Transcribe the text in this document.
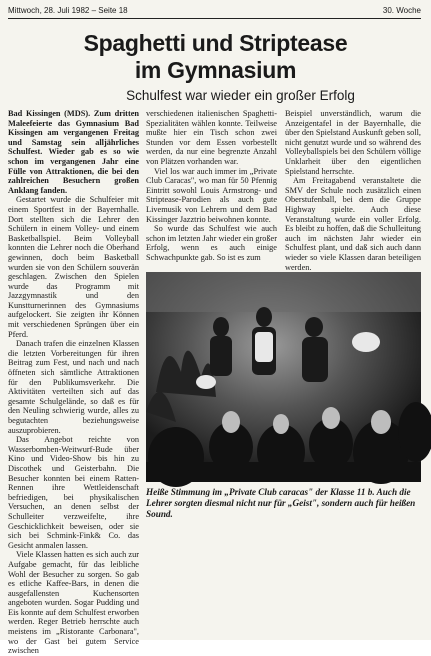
Mittwoch, 28. Juli 1982 – Seite 18	30. Woche
Spaghetti und Striptease
im Gymnasium
Schulfest war wieder ein großer Erfolg

Bad Kissingen (MDS). Zum dritten Maleefeierte das Gymnasium Bad Kissingen am vergangenen Freitag und Samstag sein alljährliches Schulfest. Wieder gab es so wie schon im vergangenen Jahr eine Fülle von Attraktionen, die bei den zahlreichen Besuchern großen Anklang fanden.

Gestartet wurde die Schulfeier mit einem Sportfest in der Bayernhalle. Dort stellten sich die Lehrer den Schülern in einem Volley- und einem Basketballspiel. Beim Volleyball konnten die Lehrer noch die Oberhand gewinnen, doch beim Basketball wurden sie von den Schülern souverän geschlagen. Zwischen den Spielen wurde das Programm mit Jazzgymnastik und den Kunstturnerinnen des Gymnasiums aufgelockert. Sie zeigten ihr Können mit verschiedenen Sprüngen über ein Pferd.

Danach trafen die einzelnen Klassen die letzten Vorbereitungen für ihren Beitrag zum Fest, und nach und nach öffneten sich sämtliche Attraktionen für den Publikumsverkehr. Die Aktivitäten verteilten sich auf das gesamte Schulgelände, so daß es für den Neuling schwierig wurde, alles zu begutachten beziehungsweise auszuprobieren.

Das Angebot reichte von Wasserbomben-Weitwurf-Bude über Kino und Video-Show bis hin zu Discothek und Geisterbahn. Die Besucher konnten bei einem Ratten-Rennen ihre Wettleidenschaft befriedigen, bei physikalischen Versuchen, an denen selbst der Schulleiter verzweifelte, ihre Geschicklichkeit beweisen, oder sie sich bei Schmink-Fink& Co. das Gesicht anmalen lassen.

Viele Klassen hatten es sich auch zur Aufgabe gemacht, für das leibliche Wohl der Besucher zu sorgen. So gab es etliche Kaffee-Bars, in denen die ausgefallensten Kuchensorten angeboten wurden. Sogar Pudding und Eis konnte auf dem Schulfest erworben werden. Reger Betrieb herrschte auch meistens im „Ristorante Carbonara", wo der Gast bei gutem Service zwischen

verschiedenen italienischen Spaghetti-Spezialitäten wählen konnte. Teilweise mußte hier ein Tisch schon zwei Stunden vor dem Essen vorbestellt werden, da nur eine begrenzte Anzahl von Plätzen vorhanden war.

Viel los war auch immer im „Private Club Caracas", wo man für 50 Pfennig Eintritt sowohl Louis Armstrong- und Striptease-Parodien als auch gute Livemusik von Lehrern und dem Bad Kissinger Jazztrio beiwohnen konnte.

So wurde das Schulfest wie auch schon im letzten Jahr wieder ein großer Erfolg, wenn es auch einige Schwachpunkte gab. So ist es zum

Beispiel unverständlich, warum die Anzeigentafel in der Bayernhalle, die über den Spielstand Auskunft geben soll, nicht genutzt wurde und so während des Volleyballspiels bei den Schülern völlige Unklarheit über den eigentlichen Spielstand herrschte.

Am Freitagabend veranstaltete die SMV der Schule noch zusätzlich einen Oberstufenball, bei dem die Gruppe Highway spielte. Auch diese Veranstaltung wurde ein voller Erfolg. Es bleibt zu hoffen, daß die Schulleitung auch im nächsten Jahr wieder ein Schulfest plant, und daß sich auch dann wieder so viele Klassen daran beteiligen werden.

Heiße Stimmung im „Private Club caracas" der Klasse 11 b. Auch die Lehrer sorgten diesmal nicht nur für „Geist", sondern auch für heißen Sound.
